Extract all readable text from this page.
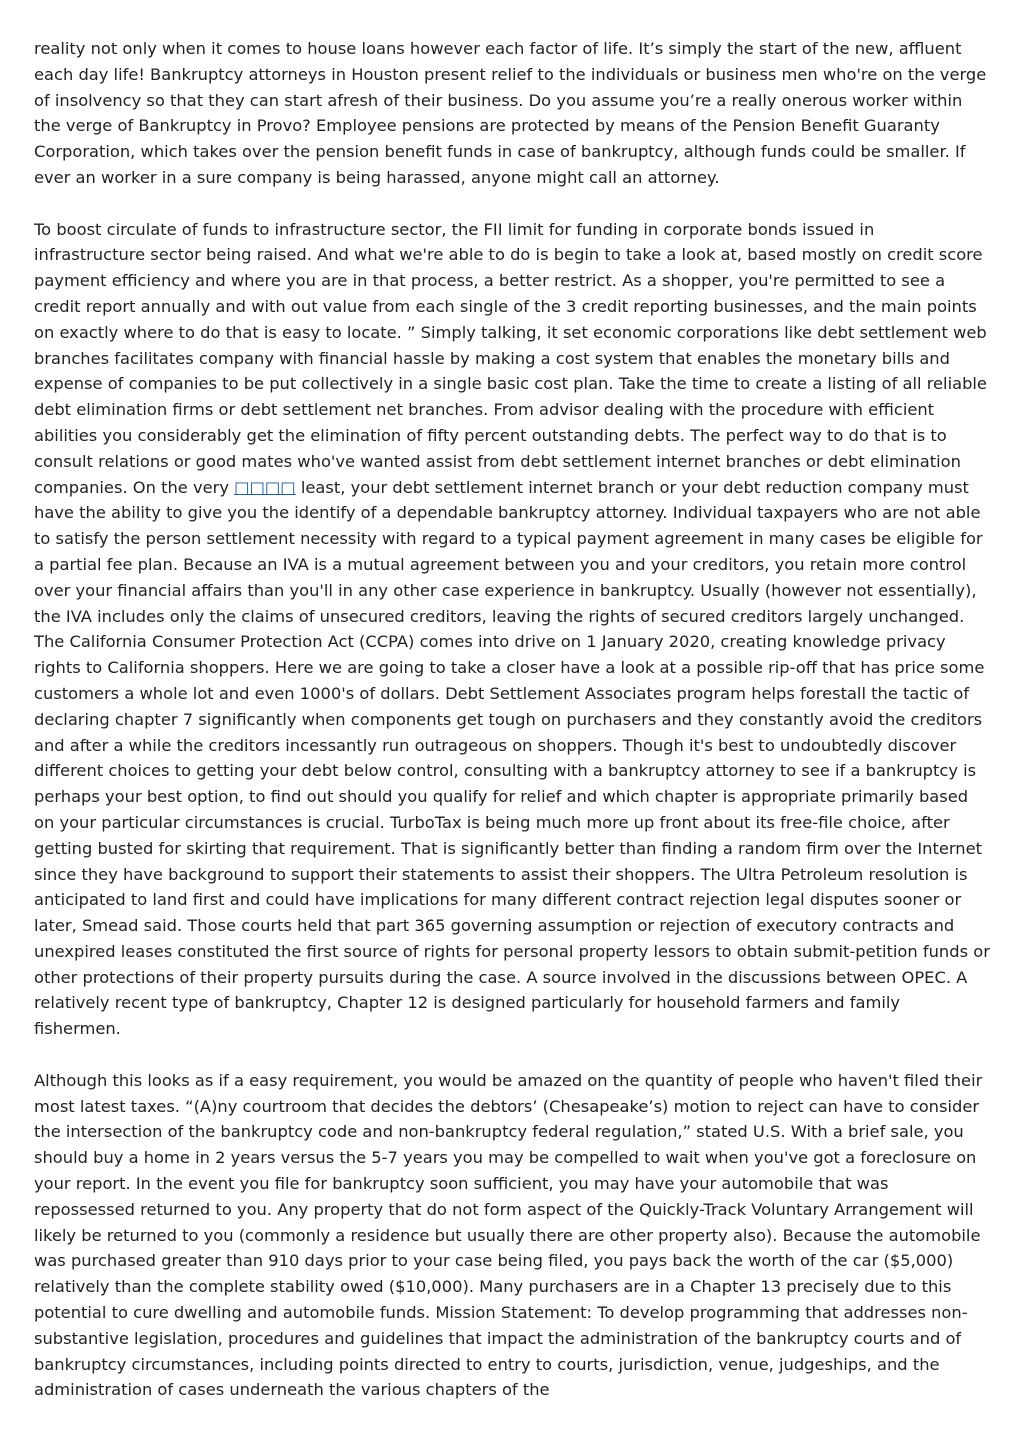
reality not only when it comes to house loans however each factor of life. It’s simply the start of the new, affluent each day life! Bankruptcy attorneys in Houston present relief to the individuals or business men who're on the verge of insolvency so that they can start afresh of their business. Do you assume you’re a really onerous worker within the verge of Bankruptcy in Provo? Employee pensions are protected by means of the Pension Benefit Guaranty Corporation, which takes over the pension benefit funds in case of bankruptcy, although funds could be smaller. If ever an worker in a sure company is being harassed, anyone might call an attorney.

To boost circulate of funds to infrastructure sector, the FII limit for funding in corporate bonds issued in infrastructure sector being raised. And what we're able to do is begin to take a look at, based mostly on credit score payment efficiency and where you are in that process, a better restrict. As a shopper, you're permitted to see a credit report annually and with out value from each single of the 3 credit reporting businesses, and the main points on exactly where to do that is easy to locate. ” Simply talking, it set economic corporations like debt settlement web branches facilitates company with financial hassle by making a cost system that enables the monetary bills and expense of companies to be put collectively in a single basic cost plan. Take the time to create a listing of all reliable debt elimination firms or debt settlement net branches. From advisor dealing with the procedure with efficient abilities you considerably get the elimination of fifty percent outstanding debts. The perfect way to do that is to consult relations or good mates who've wanted assist from debt settlement internet branches or debt elimination companies. On the very □□□□ least, your debt settlement internet branch or your debt reduction company must have the ability to give you the identify of a dependable bankruptcy attorney. Individual taxpayers who are not able to satisfy the person settlement necessity with regard to a typical payment agreement in many cases be eligible for a partial fee plan. Because an IVA is a mutual agreement between you and your creditors, you retain more control over your financial affairs than you'll in any other case experience in bankruptcy. Usually (however not essentially), the IVA includes only the claims of unsecured creditors, leaving the rights of secured creditors largely unchanged. The California Consumer Protection Act (CCPA) comes into drive on 1 January 2020, creating knowledge privacy rights to California shoppers. Here we are going to take a closer have a look at a possible rip-off that has price some customers a whole lot and even 1000's of dollars. Debt Settlement Associates program helps forestall the tactic of declaring chapter 7 significantly when components get tough on purchasers and they constantly avoid the creditors and after a while the creditors incessantly run outrageous on shoppers. Though it's best to undoubtedly discover different choices to getting your debt below control, consulting with a bankruptcy attorney to see if a bankruptcy is perhaps your best option, to find out should you qualify for relief and which chapter is appropriate primarily based on your particular circumstances is crucial. TurboTax is being much more up front about its free-file choice, after getting busted for skirting that requirement. That is significantly better than finding a random firm over the Internet since they have background to support their statements to assist their shoppers. The Ultra Petroleum resolution is anticipated to land first and could have implications for many different contract rejection legal disputes sooner or later, Smead said. Those courts held that part 365 governing assumption or rejection of executory contracts and unexpired leases constituted the first source of rights for personal property lessors to obtain submit-petition funds or other protections of their property pursuits during the case. A source involved in the discussions between OPEC. A relatively recent type of bankruptcy, Chapter 12 is designed particularly for household farmers and family fishermen.

Although this looks as if a easy requirement, you would be amazed on the quantity of people who haven't filed their most latest taxes. “(A)ny courtroom that decides the debtors’ (Chesapeake’s) motion to reject can have to consider the intersection of the bankruptcy code and non-bankruptcy federal regulation,” stated U.S. With a brief sale, you should buy a home in 2 years versus the 5-7 years you may be compelled to wait when you've got a foreclosure on your report. In the event you file for bankruptcy soon sufficient, you may have your automobile that was repossessed returned to you. Any property that do not form aspect of the Quickly-Track Voluntary Arrangement will likely be returned to you (commonly a residence but usually there are other property also). Because the automobile was purchased greater than 910 days prior to your case being filed, you pays back the worth of the car ($5,000) relatively than the complete stability owed ($10,000). Many purchasers are in a Chapter 13 precisely due to this potential to cure dwelling and automobile funds. Mission Statement: To develop programming that addresses non-substantive legislation, procedures and guidelines that impact the administration of the bankruptcy courts and of bankruptcy circumstances, including points directed to entry to courts, jurisdiction, venue, judgeships, and the administration of cases underneath the various chapters of the
